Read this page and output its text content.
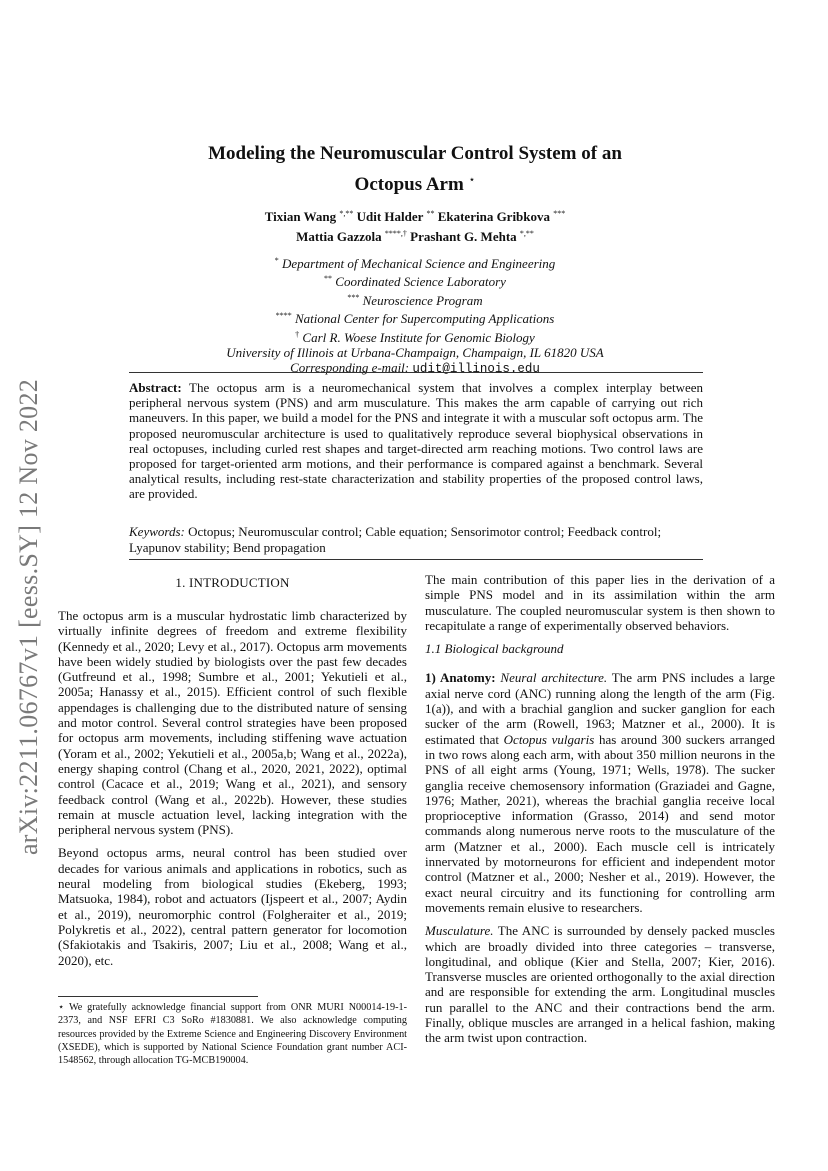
arXiv:2211.06767v1 [eess.SY] 12 Nov 2022
Modeling the Neuromuscular Control System of an
Octopus Arm ⋆
Tixian Wang *,** Udit Halder ** Ekaterina Gribkova ***
Mattia Gazzola ****,† Prashant G. Mehta *,**
* Department of Mechanical Science and Engineering
** Coordinated Science Laboratory
*** Neuroscience Program
**** National Center for Supercomputing Applications
† Carl R. Woese Institute for Genomic Biology
University of Illinois at Urbana-Champaign, Champaign, IL 61820 USA
Corresponding e-mail: udit@illinois.edu
Abstract: The octopus arm is a neuromechanical system that involves a complex interplay between peripheral nervous system (PNS) and arm musculature. This makes the arm capable of carrying out rich maneuvers. In this paper, we build a model for the PNS and integrate it with a muscular soft octopus arm. The proposed neuromuscular architecture is used to qualitatively reproduce several biophysical observations in real octopuses, including curled rest shapes and target-directed arm reaching motions. Two control laws are proposed for target-oriented arm motions, and their performance is compared against a benchmark. Several analytical results, including rest-state characterization and stability properties of the proposed control laws, are provided.
Keywords: Octopus; Neuromuscular control; Cable equation; Sensorimotor control; Feedback control; Lyapunov stability; Bend propagation
1. INTRODUCTION

The octopus arm is a muscular hydrostatic limb characterized by virtually infinite degrees of freedom and extreme flexibility (Kennedy et al., 2020; Levy et al., 2017). Octopus arm movements have been widely studied by biologists over the past few decades (Gutfreund et al., 1998; Sumbre et al., 2001; Yekutieli et al., 2005a; Hanassy et al., 2015). Efficient control of such flexible appendages is challenging due to the distributed nature of sensing and motor control. Several control strategies have been proposed for octopus arm movements, including stiffening wave actuation (Yoram et al., 2002; Yekutieli et al., 2005a,b; Wang et al., 2022a), energy shaping control (Chang et al., 2020, 2021, 2022), optimal control (Cacace et al., 2019; Wang et al., 2021), and sensory feedback control (Wang et al., 2022b). However, these studies remain at muscle actuation level, lacking integration with the peripheral nervous system (PNS).

Beyond octopus arms, neural control has been studied over decades for various animals and applications in robotics, such as neural modeling from biological studies (Ekeberg, 1993; Matsuoka, 1984), robot and actuators (Ijspeert et al., 2007; Aydin et al., 2019), neuromorphic control (Folgheraiter et al., 2019; Polykretis et al., 2022), central pattern generator for locomotion (Sfakiotakis and Tsakiris, 2007; Liu et al., 2008; Wang et al., 2020), etc.

⋆ We gratefully acknowledge financial support from ONR MURI N00014-19-1-2373, and NSF EFRI C3 SoRo #1830881. We also acknowledge computing resources provided by the Extreme Science and Engineering Discovery Environment (XSEDE), which is supported by National Science Foundation grant number ACI-1548562, through allocation TG-MCB190004.

The main contribution of this paper lies in the derivation of a simple PNS model and in its assimilation within the arm musculature. The coupled neuromuscular system is then shown to recapitulate a range of experimentally observed behaviors.

1.1 Biological background

1) Anatomy: Neural architecture. The arm PNS includes a large axial nerve cord (ANC) running along the length of the arm (Fig. 1(a)), and with a brachial ganglion and sucker ganglion for each sucker of the arm (Rowell, 1963; Matzner et al., 2000). It is estimated that Octopus vulgaris has around 300 suckers arranged in two rows along each arm, with about 350 million neurons in the PNS of all eight arms (Young, 1971; Wells, 1978). The sucker ganglia receive chemosensory information (Graziadei and Gagne, 1976; Mather, 2021), whereas the brachial ganglia receive local proprioceptive information (Grasso, 2014) and send motor commands along numerous nerve roots to the musculature of the arm (Matzner et al., 2000). Each muscle cell is intricately innervated by motorneurons for efficient and independent motor control (Matzner et al., 2000; Nesher et al., 2019). However, the exact neural circuitry and its functioning for controlling arm movements remain elusive to researchers.

Musculature. The ANC is surrounded by densely packed muscles which are broadly divided into three categories – transverse, longitudinal, and oblique (Kier and Stella, 2007; Kier, 2016). Transverse muscles are oriented orthogonally to the axial direction and are responsible for extending the arm. Longitudinal muscles run parallel to the ANC and their contractions bend the arm. Finally, oblique muscles are arranged in a helical fashion, making the arm twist upon contraction.
